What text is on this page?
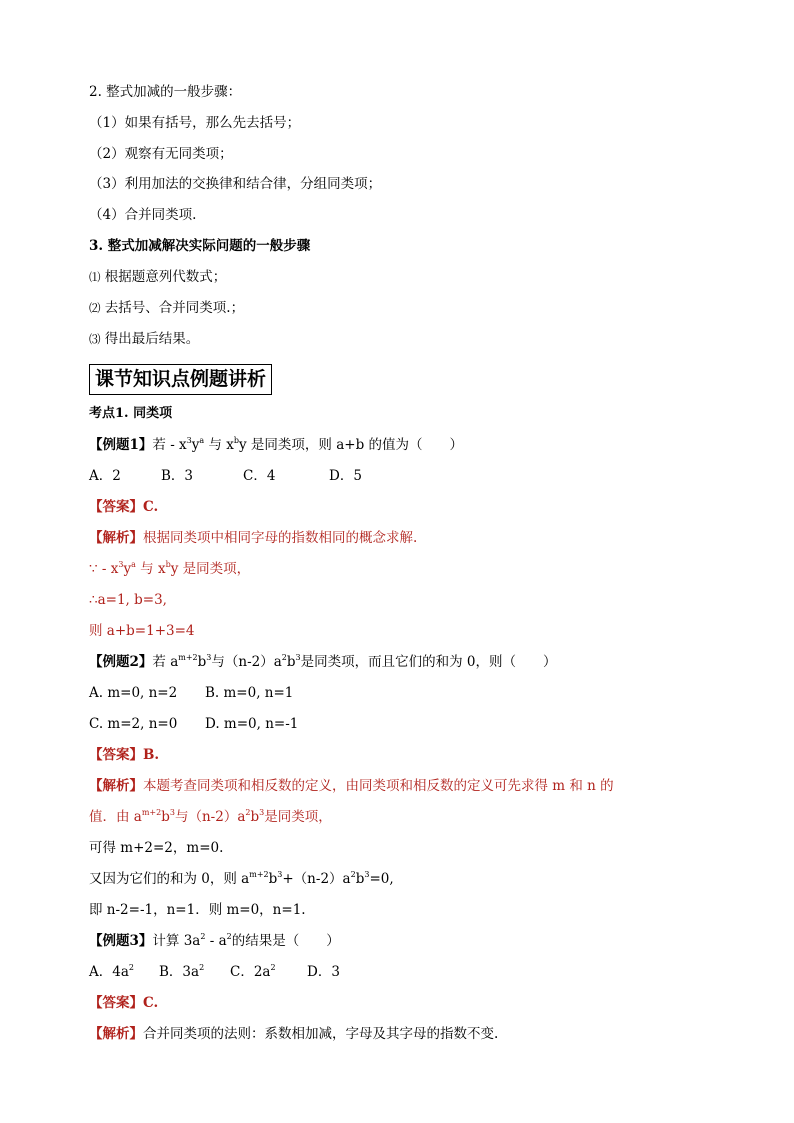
2. 整式加减的一般步骤：
（1）如果有括号，那么先去括号；
（2）观察有无同类项；
（3）利用加法的交换律和结合律，分组同类项；
（4）合并同类项.
3. 整式加减解决实际问题的一般步骤
⑴ 根据题意列代数式；
⑵ 去括号、合并同类项.；
⑶ 得出最后结果。
课节知识点例题讲析
考点1. 同类项
【例题1】若 - $x^3y^a$ 与 $x^by$ 是同类项，则 a+b 的值为（　　）
A．2	B．3	C．4	D．5
【答案】C.
【解析】根据同类项中相同字母的指数相同的概念求解.
∵ - $x^3y^a$ 与 $x^by$ 是同类项，
∴a=1, b=3,
则 a+b=1+3=4
【例题2】若 $a^{m+2}b^3$与$(n-2)a^2b^3$是同类项，而且它们的和为 0，则（　　）
A. m=0, n=2 B. m=0, n=1
C. m=2, n=0 D. m=0, n=-1
【答案】B.
【解析】本题考查同类项和相反数的定义，由同类项和相反数的定义可先求得 m 和 n 的
值．由 $a^{m+2}b^3$与$(n-2)a^2b^3$是同类项，
可得 m+2=2，m=0.
又因为它们的和为 0，则 $a^{m+2}b^3+(n-2)a^2b^3=0$,
即 n-2=-1，n=1．则 m=0，n=1.
【例题3】计算 $3a^2 - a^2$的结果是（　　）
A．$4a^2$ B．$3a^2$ C．$2a^2$ D．3
【答案】C.
【解析】合并同类项的法则：系数相加减，字母及其字母的指数不变.
